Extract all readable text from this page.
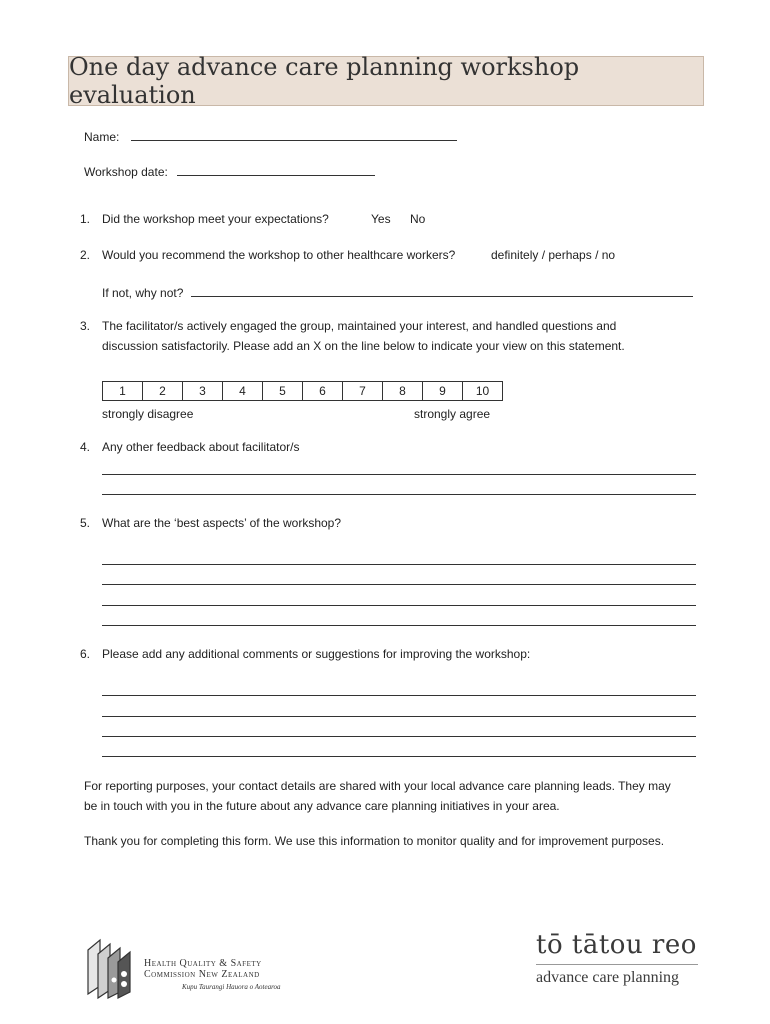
One day advance care planning workshop evaluation
Name:
Workshop date:
1. Did the workshop meet your expectations?	Yes No
2. Would you recommend the workshop to other healthcare workers?	definitely / perhaps / no
If not, why not?
3. The facilitator/s actively engaged the group, maintained your interest, and handled questions and
discussion satisfactorily. Please add an X on the line below to indicate your view on this statement.
1	2	3	4	5	6	7	8	9	10
strongly disagree	strongly agree
4. Any other feedback about facilitator/s
5. What are the ‘best aspects’ of the workshop?
6. Please add any additional comments or suggestions for improving the workshop:
For reporting purposes, your contact details are shared with your local advance care planning leads. They may be in touch with you in the future about any advance care planning initiatives in your area.
Thank you for completing this form. We use this information to monitor quality and for improvement purposes.
Health Quality & Safety
Commission New Zealand
Kupu Taurangi Hauora o Aotearoa
tō tātou reo
advance care planning
